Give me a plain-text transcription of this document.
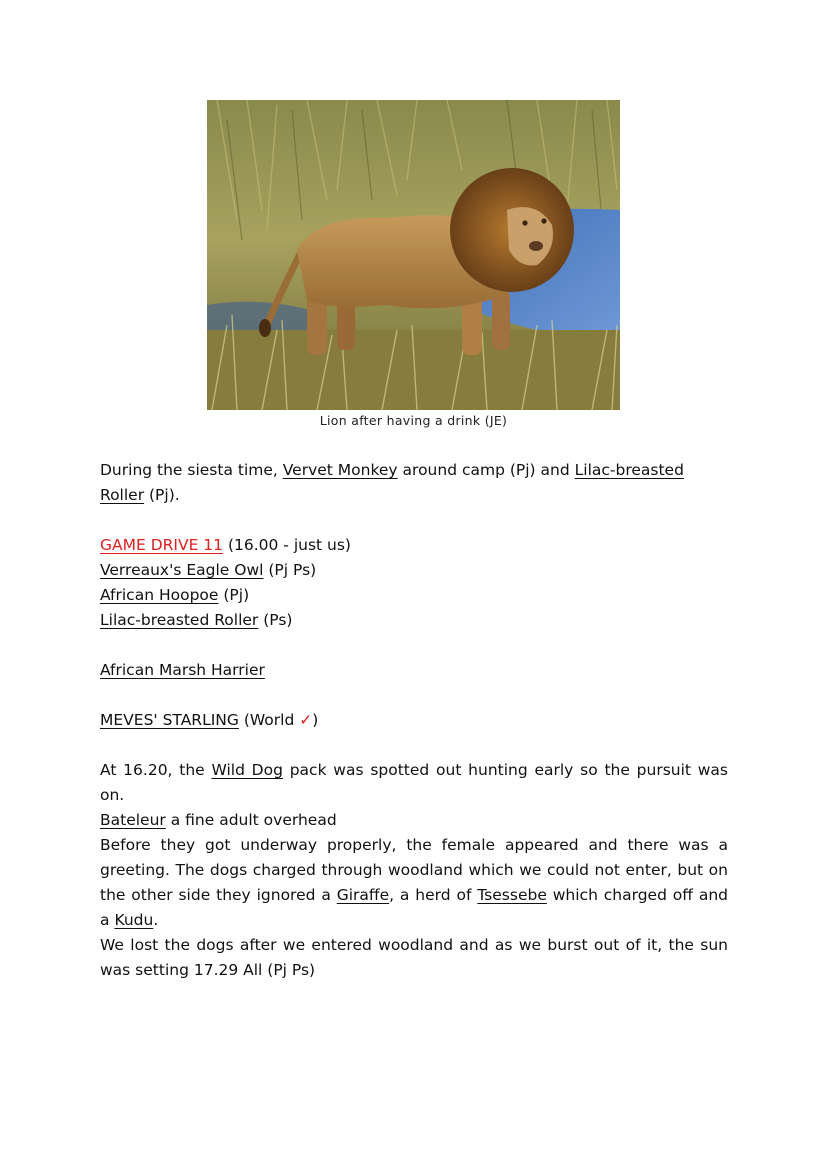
Lion after having a drink (JE)

During the siesta time, Vervet Monkey around camp (Pj) and Lilac-breasted Roller (Pj).

GAME DRIVE 11 (16.00 - just us)

Verreaux's Eagle Owl (Pj Ps)

African Hoopoe (Pj)

Lilac-breasted Roller (Ps)

African Marsh Harrier

MEVES' STARLING (World ✓)

At 16.20, the Wild Dog pack was spotted out hunting early so the pursuit was on.

Bateleur a fine adult overhead

Before they got underway properly, the female appeared and there was a greeting. The dogs charged through woodland which we could not enter, but on the other side they ignored a Giraffe, a herd of Tsessebe which charged off and a Kudu.

We lost the dogs after we entered woodland and as we burst out of it, the sun was setting 17.29 All (Pj Ps)
